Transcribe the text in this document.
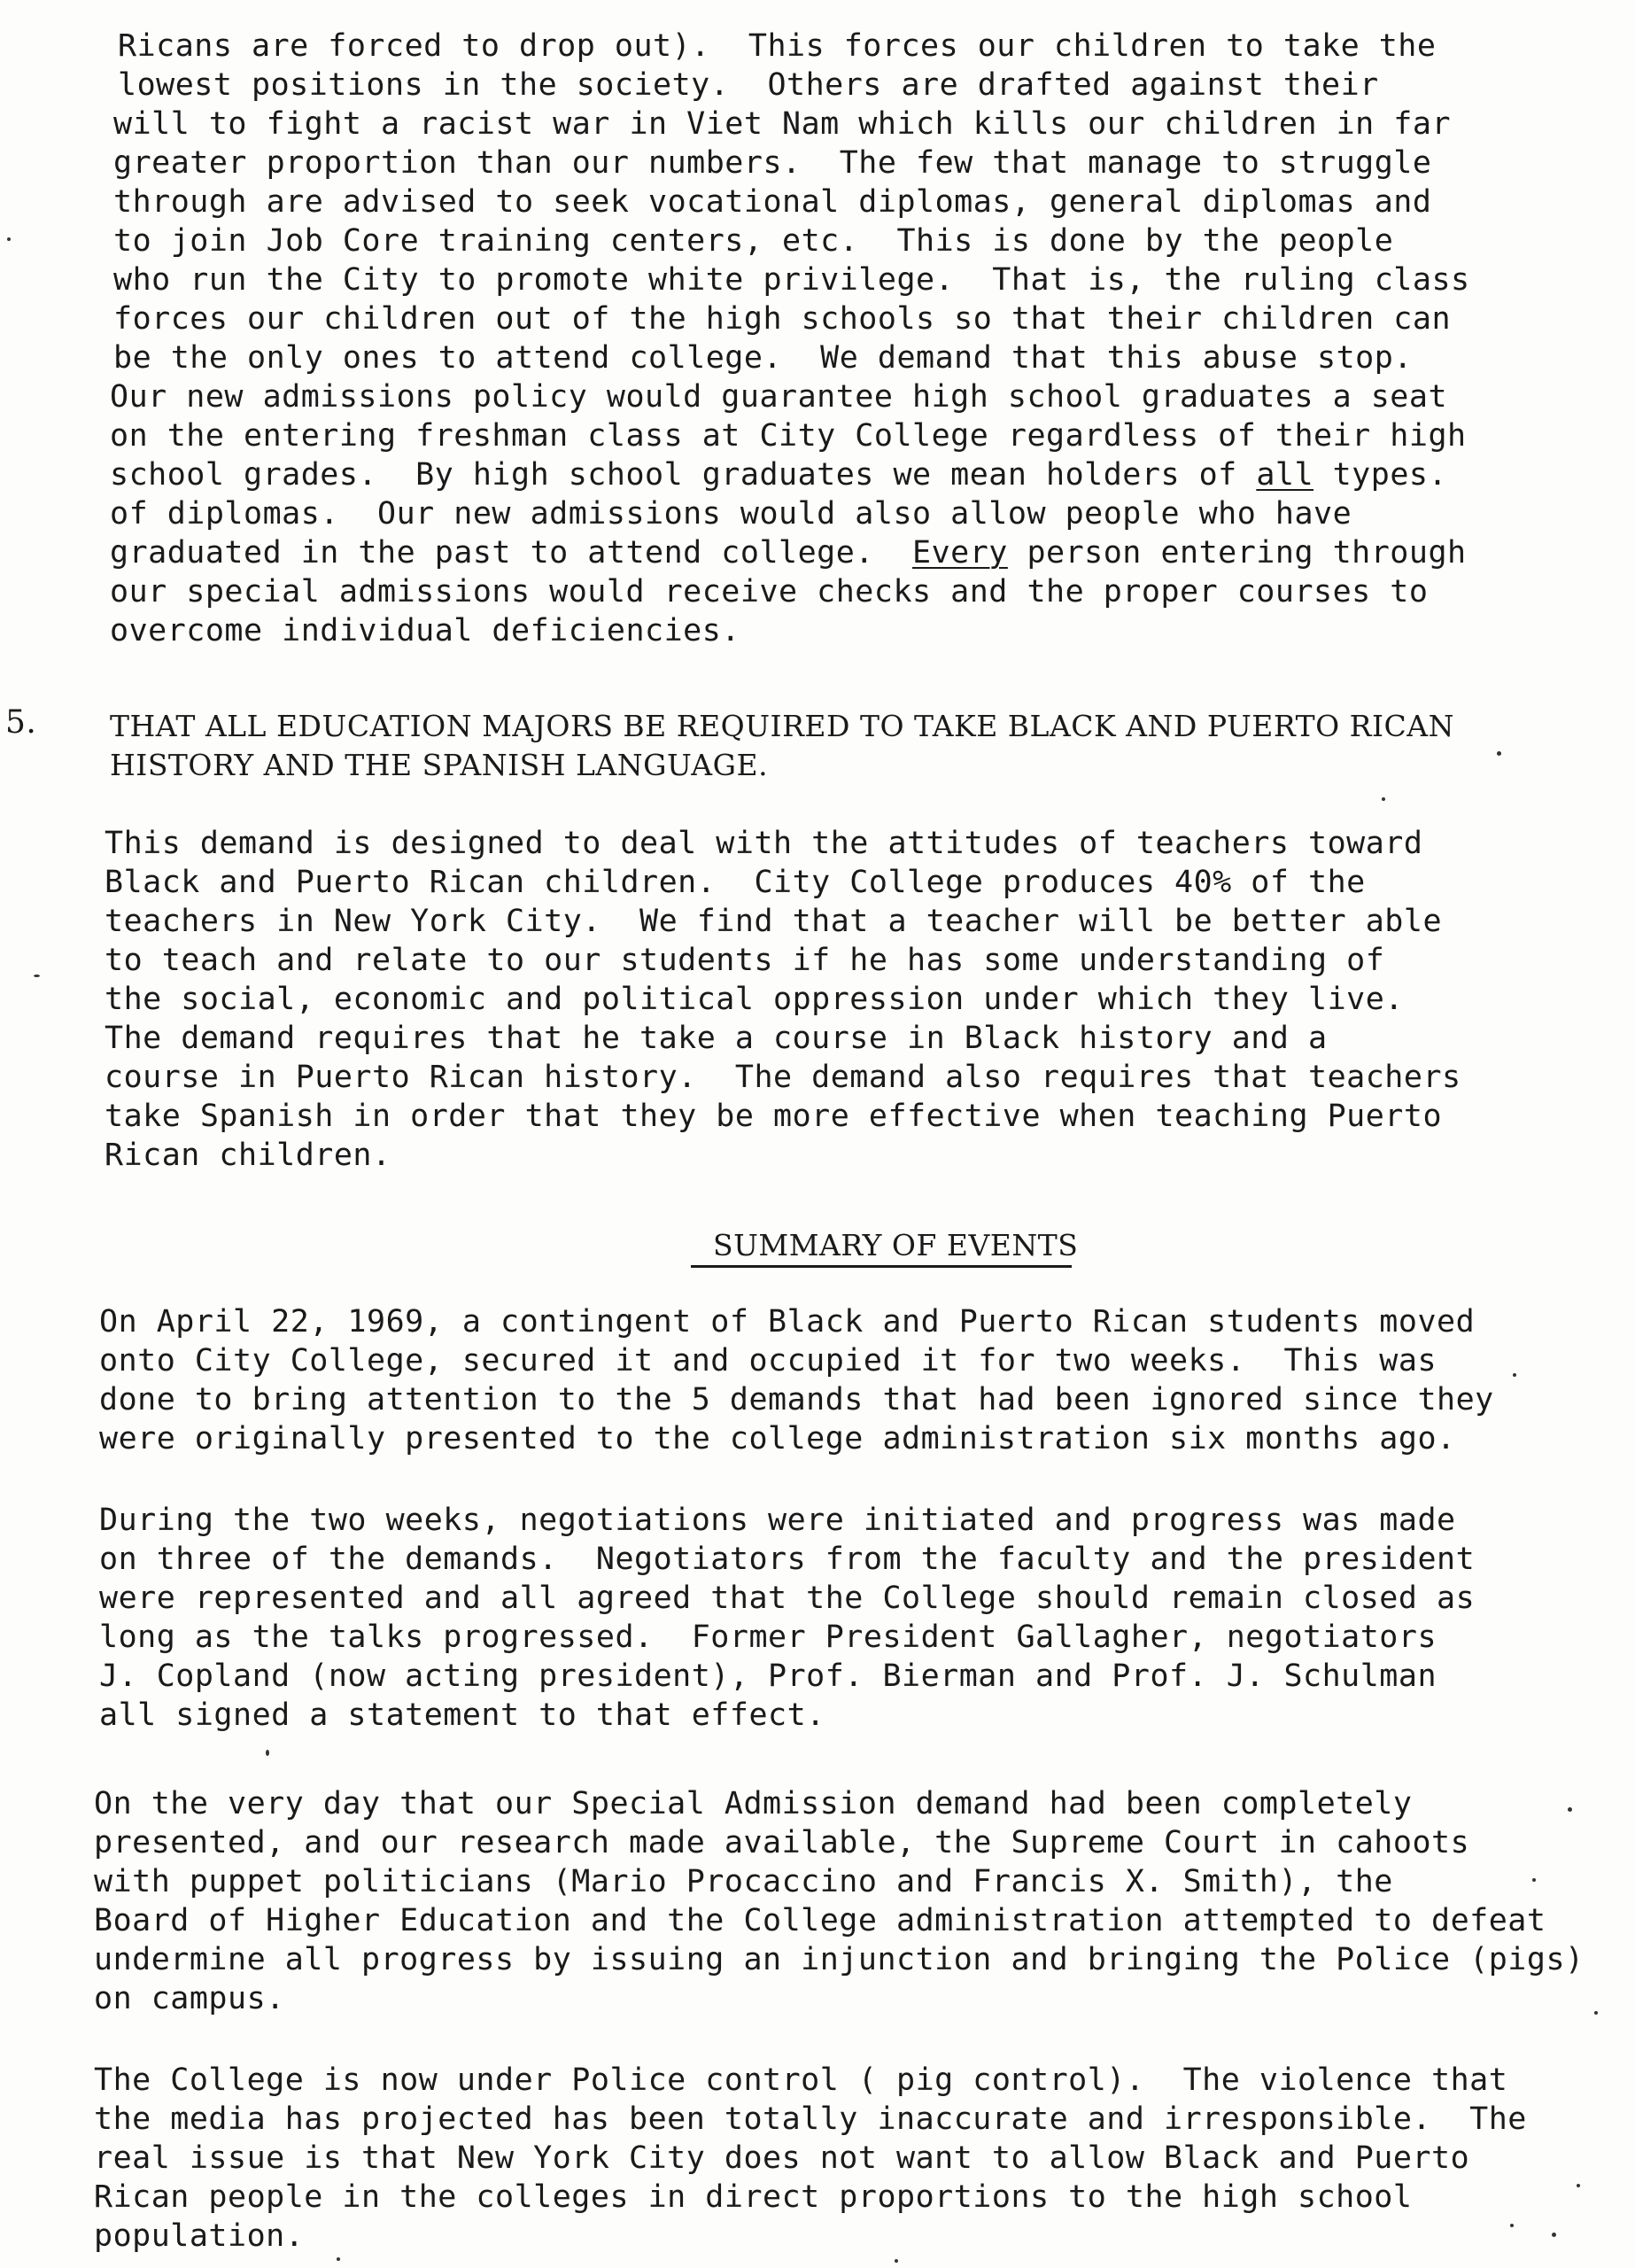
Ricans are forced to drop out).  This forces our children to take the
lowest positions in the society.  Others are drafted against their
will to fight a racist war in Viet Nam which kills our children in far
greater proportion than our numbers.  The few that manage to struggle
through are advised to seek vocational diplomas, general diplomas and
to join Job Core training centers, etc.  This is done by the people
who run the City to promote white privilege.  That is, the ruling class
forces our children out of the high schools so that their children can
be the only ones to attend college.  We demand that this abuse stop.
Our new admissions policy would guarantee high school graduates a seat
on the entering freshman class at City College regardless of their high
school grades.  By high school graduates we mean holders of all types.
of diplomas.  Our new admissions would also allow people who have
graduated in the past to attend college.  Every person entering through
our special admissions would receive checks and the proper courses to
overcome individual deficiencies.
5.	THAT ALL EDUCATION MAJORS BE REQUIRED TO TAKE BLACK AND PUERTO RICAN
HISTORY AND THE SPANISH LANGUAGE.
This demand is designed to deal with the attitudes of teachers toward
Black and Puerto Rican children.  City College produces 40% of the
teachers in New York City.  We find that a teacher will be better able
to teach and relate to our students if he has some understanding of
the social, economic and political oppression under which they live.
The demand requires that he take a course in Black history and a
course in Puerto Rican history.  The demand also requires that teachers
take Spanish in order that they be more effective when teaching Puerto
Rican children.
SUMMARY OF EVENTS
On April 22, 1969, a contingent of Black and Puerto Rican students moved
onto City College, secured it and occupied it for two weeks.  This was
done to bring attention to the 5 demands that had been ignored since they
were originally presented to the college administration six months ago.
During the two weeks, negotiations were initiated and progress was made
on three of the demands.  Negotiators from the faculty and the president
were represented and all agreed that the College should remain closed as
long as the talks progressed.  Former President Gallagher, negotiators
J. Copland (now acting president), Prof. Bierman and Prof. J. Schulman
all signed a statement to that effect.
On the very day that our Special Admission demand had been completely
presented, and our research made available, the Supreme Court in cahoots
with puppet politicians (Mario Procaccino and Francis X. Smith), the
Board of Higher Education and the College administration attempted to defeat
undermine all progress by issuing an injunction and bringing the Police (pigs)
on campus.
The College is now under Police control ( pig control).  The violence that
the media has projected has been totally inaccurate and irresponsible.  The
real issue is that New York City does not want to allow Black and Puerto
Rican people in the colleges in direct proportions to the high school
population.
